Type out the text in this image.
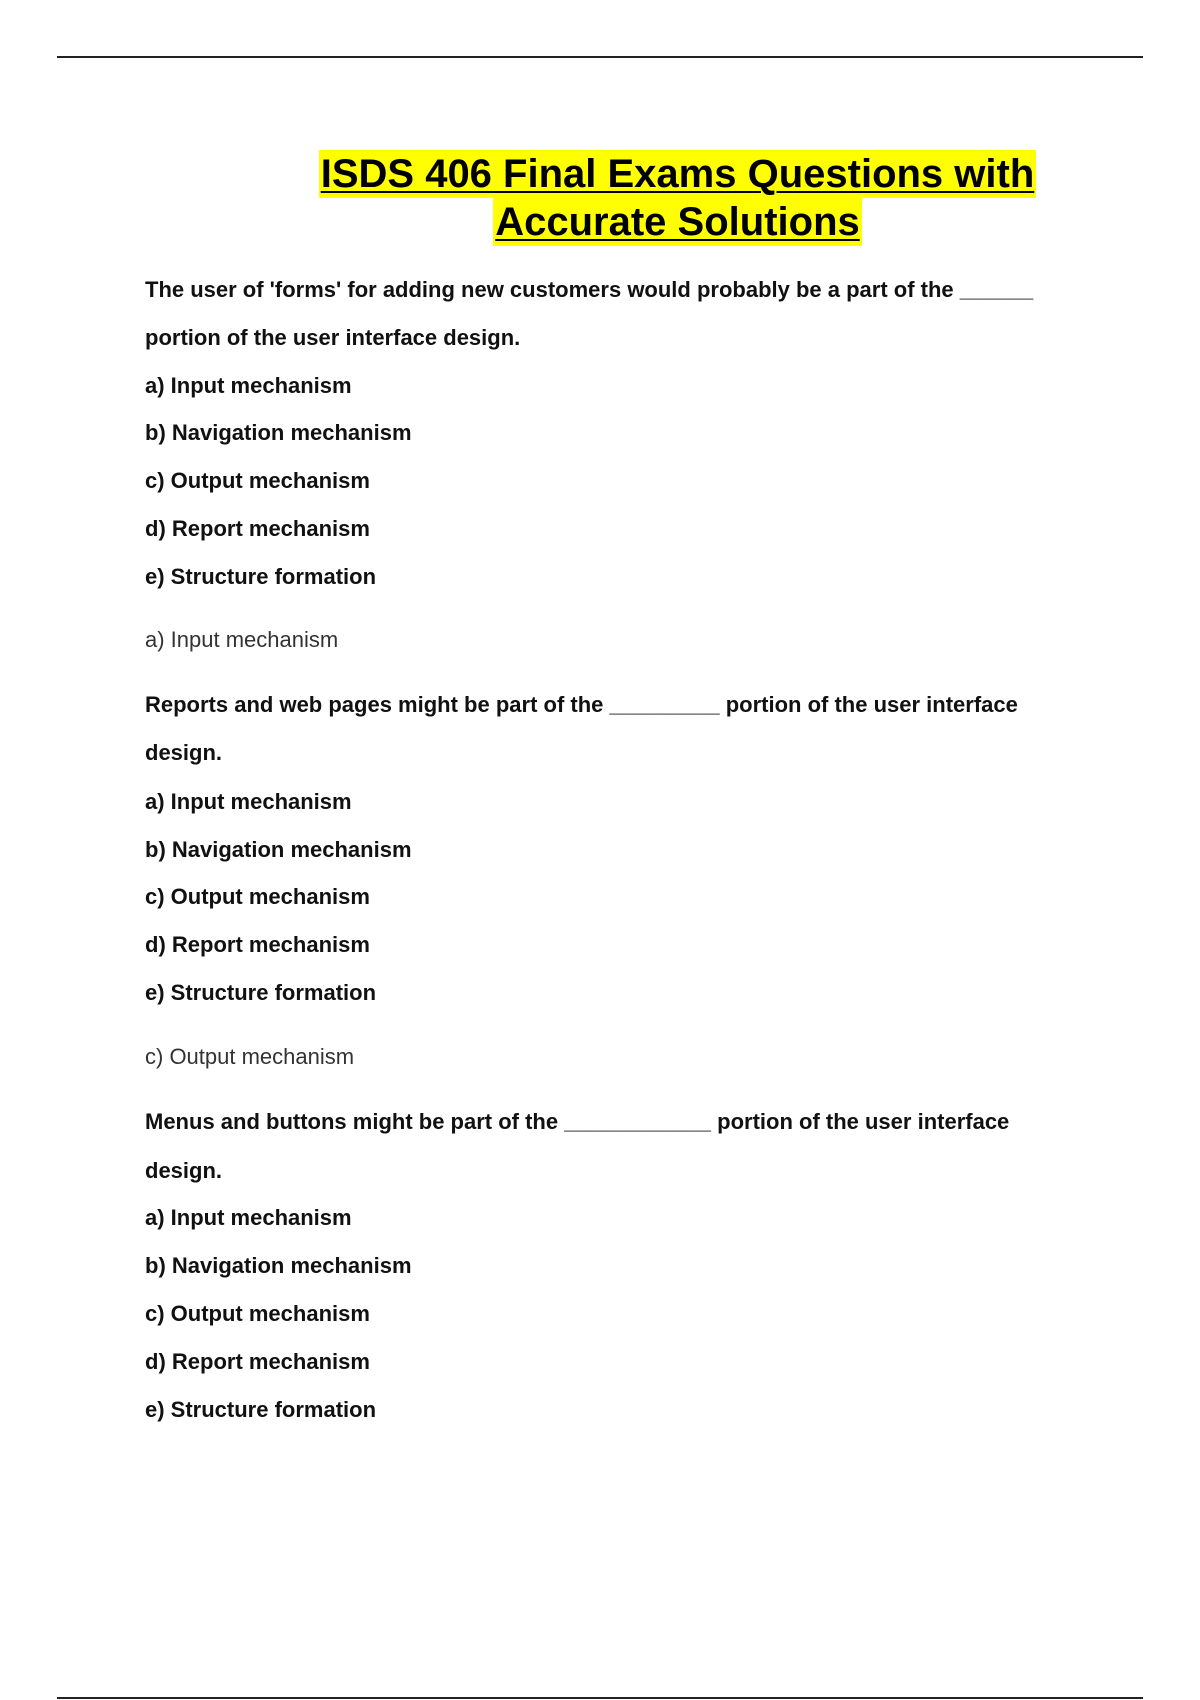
ISDS 406 Final Exams Questions with
Accurate Solutions
The user of 'forms' for adding new customers would probably be a part of the ______
portion of the user interface design.
a) Input mechanism
b) Navigation mechanism
c) Output mechanism
d) Report mechanism
e) Structure formation
a) Input mechanism
Reports and web pages might be part of the _________ portion of the user interface
design.
a) Input mechanism
b) Navigation mechanism
c) Output mechanism
d) Report mechanism
e) Structure formation
c) Output mechanism
Menus and buttons might be part of the ____________ portion of the user interface
design.
a) Input mechanism
b) Navigation mechanism
c) Output mechanism
d) Report mechanism
e) Structure formation
